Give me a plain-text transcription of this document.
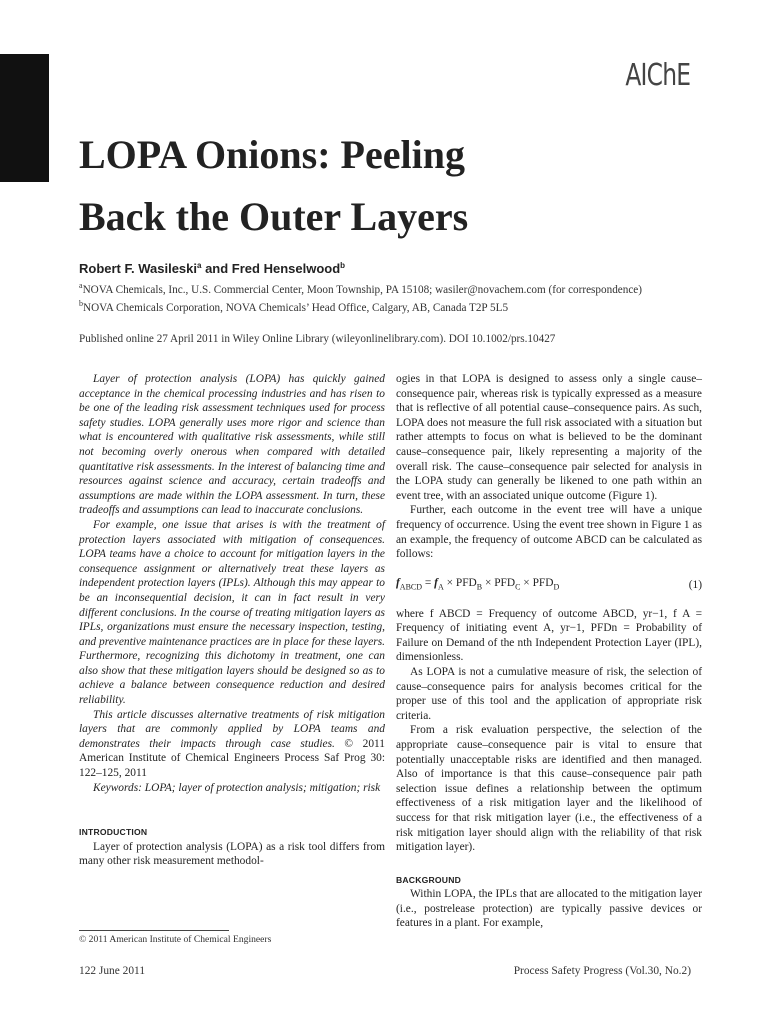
AIChE
LOPA Onions: Peeling
Back the Outer Layers
Robert F. Wasileski$^a$ and Fred Henselwood$^b$
$^a$NOVA Chemicals, Inc., U.S. Commercial Center, Moon Township, PA 15108; wasiler@novachem.com (for correspondence)
$^b$NOVA Chemicals Corporation, NOVA Chemicals’ Head Office, Calgary, AB, Canada T2P 5L5
Published online 27 April 2011 in Wiley Online Library (wileyonlinelibrary.com). DOI 10.1002/prs.10427

Layer of protection analysis (LOPA) has quickly gained acceptance in the chemical processing industries and has risen to be one of the leading risk assessment techniques used for process safety studies. LOPA generally uses more rigor and science than what is encountered with qualitative risk assessments, while still not becoming overly onerous when compared with detailed quantitative risk assessments. In the interest of balancing time and resources against science and accuracy, certain tradeoffs and assumptions are made within the LOPA assessment. In turn, these tradeoffs and assumptions can lead to inaccurate conclusions.

For example, one issue that arises is with the treatment of protection layers associated with mitigation of consequences. LOPA teams have a choice to account for mitigation layers in the consequence assignment or alternatively treat these layers as independent protection layers (IPLs). Although this may appear to be an inconsequential decision, it can in fact result in very different conclusions. In the course of treating mitigation layers as IPLs, organizations must ensure the necessary inspection, testing, and preventive maintenance practices are in place for these layers. Furthermore, recognizing this dichotomy in treatment, one can also show that these mitigation layers should be designed so as to achieve a balance between consequence reduction and desired reliability.

This article discusses alternative treatments of risk mitigation layers that are commonly applied by LOPA teams and demonstrates their impacts through case studies. © 2011 American Institute of Chemical Engineers Process Saf Prog 30: 122–125, 2011

Keywords: LOPA; layer of protection analysis; mitigation; risk

INTRODUCTION

Layer of protection analysis (LOPA) as a risk tool differs from many other risk measurement methodol-

ogies in that LOPA is designed to assess only a single cause–consequence pair, whereas risk is typically expressed as a measure that is reflective of all potential cause–consequence pairs. As such, LOPA does not measure the full risk associated with a situation but rather attempts to focus on what is believed to be the dominant cause–consequence pair, likely representing a majority of the overall risk. The cause–consequence pair selected for analysis in the LOPA study can generally be likened to one path within an event tree, with an associated unique outcome (Figure 1).

Further, each outcome in the event tree will have a unique frequency of occurrence. Using the event tree shown in Figure 1 as an example, the frequency of outcome ABCD can be calculated as follows:

$f_{ABCD} = f_A \times PFD_B \times PFD_C \times PFD_D$	(1)

where f ABCD = Frequency of outcome ABCD, yr−1, f A = Frequency of initiating event A, yr−1, PFDn = Probability of Failure on Demand of the nth Independent Protection Layer (IPL), dimensionless.

As LOPA is not a cumulative measure of risk, the selection of cause–consequence pairs for analysis becomes critical for the proper use of this tool and the application of appropriate risk criteria.

From a risk evaluation perspective, the selection of the appropriate cause–consequence pair is vital to ensure that potentially unacceptable risks are identified and then managed. Also of importance is that this cause–consequence pair path selection issue defines a relationship between the optimum effectiveness of a risk mitigation layer and the likelihood of success for that risk mitigation layer (i.e., the effectiveness of a risk mitigation layer should align with the reliability of that risk mitigation layer).

BACKGROUND

Within LOPA, the IPLs that are allocated to the mitigation layer (i.e., postrelease protection) are typically passive devices or features in a plant. For example,

© 2011 American Institute of Chemical Engineers
122 June 2011	Process Safety Progress (Vol.30, No.2)
